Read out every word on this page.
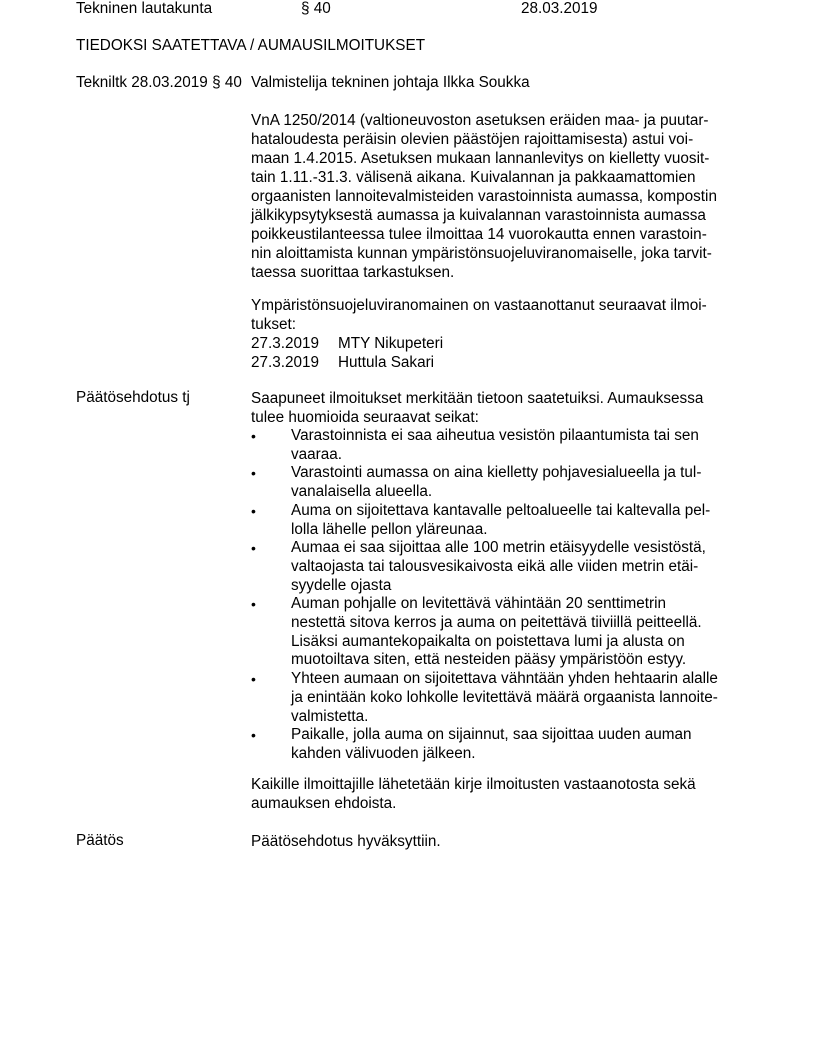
Tekninen lautakunta	§ 40	28.03.2019
TIEDOKSI SAATETTAVA / AUMAUSILMOITUKSET
Tekniltk 28.03.2019 § 40 Valmistelija tekninen johtaja Ilkka Soukka

VnA 1250/2014 (valtioneuvoston asetuksen eräiden maa- ja puutar-
hataloudesta peräisin olevien päästöjen rajoittamisesta) astui voi-
maan 1.4.2015. Asetuksen mukaan lannanlevitys on kielletty vuosit-
tain 1.11.-31.3. välisenä aikana. Kuivalannan ja pakkaamattomien
orgaanisten lannoitevalmisteiden varastoinnista aumassa, kompostin
jälkikypsytyksestä aumassa ja kuivalannan varastoinnista aumassa
poikkeustilanteessa tulee ilmoittaa 14 vuorokautta ennen varastoin-
nin aloittamista kunnan ympäristönsuojeluviranomaiselle, joka tarvit-
taessa suorittaa tarkastuksen.

Ympäristönsuojeluviranomainen on vastaanottanut seuraavat ilmoi-
tukset:

27.3.2019	MTY Nikupeteri
27.3.2019	Huttula Sakari
Päätösehdotus tj	Saapuneet ilmoitukset merkitään tietoon saatetuiksi. Aumauksessa
tulee huomioida seuraavat seikat:

• Varastoinnista ei saa aiheutua vesistön pilaantumista tai sen
vaaraa.
• Varastointi aumassa on aina kielletty pohjavesialueella ja tul-
vanalaisella alueella.
• Auma on sijoitettava kantavalle peltoalueelle tai kaltevalla pel-
lolla lähelle pellon yläreunaa.
• Aumaa ei saa sijoittaa alle 100 metrin etäisyydelle vesistöstä,
valtaojasta tai talousvesikaivosta eikä alle viiden metrin etäi-
syydelle ojasta
• Auman pohjalle on levitettävä vähintään 20 senttimetrin
nestettä sitova kerros ja auma on peitettävä tiiviillä peitteellä.
Lisäksi aumantekopaikalta on poistettava lumi ja alusta on
muotoiltava siten, että nesteiden pääsy ympäristöön estyy.
• Yhteen aumaan on sijoitettava vähntään yhden hehtaarin alalle
ja enintään koko lohkolle levitettävä määrä orgaanista lannoite-
valmistetta.
• Paikalle, jolla auma on sijainnut, saa sijoittaa uuden auman
kahden välivuoden jälkeen.

Kaikille ilmoittajille lähetetään kirje ilmoitusten vastaanotosta sekä
aumauksen ehdoista.

Päätös	Päätösehdotus hyväksyttiin.
